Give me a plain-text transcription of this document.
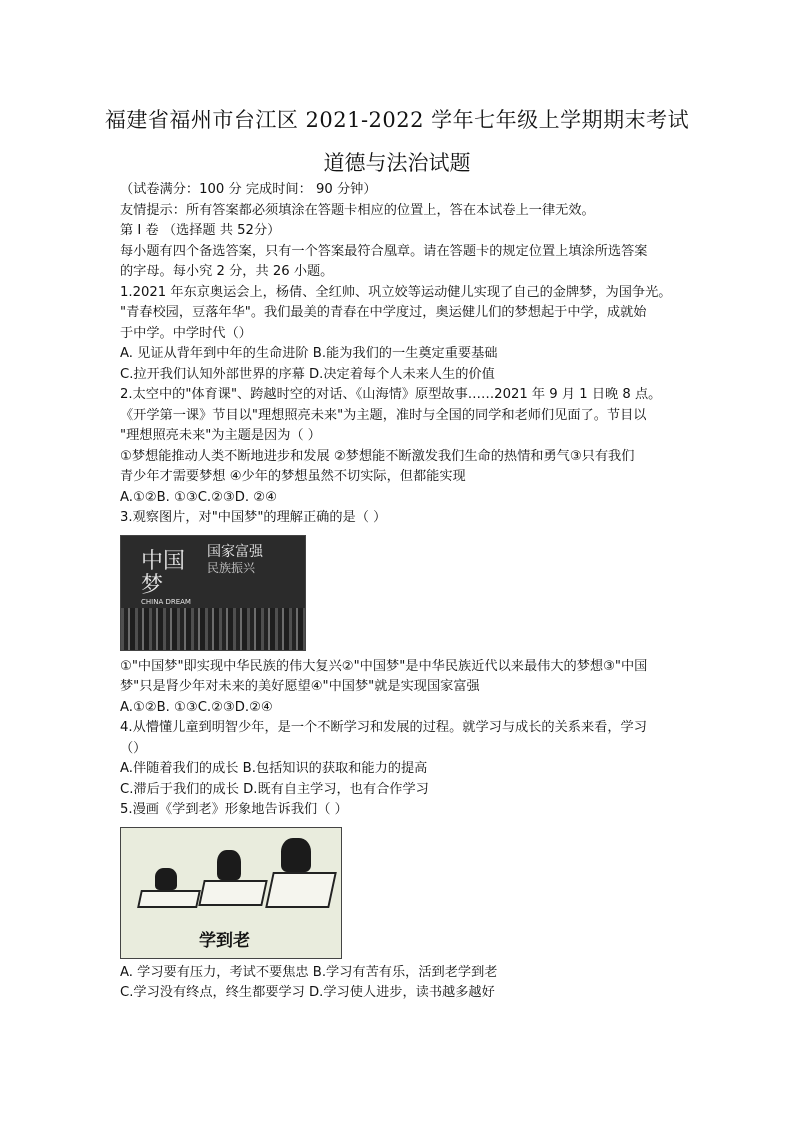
福建省福州市台江区 2021-2022 学年七年级上学期期末考试
道德与法治试题

（试卷满分：100 分 完成时间： 90 分钟）

友情提示：所有答案都必须填涂在答题卡相应的位置上，答在本试卷上一律无效。

第 Ⅰ 卷 （选择题 共 52分）

每小题有四个备选答案，只有一个答案最符合凰章。请在答题卡的规定位置上填涂所选答案

的字母。每小究 2 分，共 26 小题。

1.2021 年东京奥运会上，杨倩、全红帅、巩立姣等运动健儿实现了自己的金牌梦，为国争光。

"青春校园，豆落年华"。我们最美的青春在中学度过，奥运健儿们的梦想起于中学，成就始

于中学。中学时代（）

A. 见证从背年到中年的生命进阶 B.能为我们的一生奠定重要基础

C.拉开我们认知外部世界的序幕 D.决定着每个人未来人生的价值

2.太空中的"体育课"、跨越时空的对话、《山海情》原型故事……2021 年 9 月 1 日晚 8 点。

《开学第一课》节目以"理想照亮未来"为主题，准时与全国的同学和老师们见面了。节目以

"理想照亮未来"为主题是因为（ ）

①梦想能推动人类不断地进步和发展 ②梦想能不断激发我们生命的热情和勇气③只有我们

青少年才需要梦想 ④少年的梦想虽然不切实际，但都能实现

A.①②B. ①③C.②③D. ②④

3.观察图片，对"中国梦"的理解正确的是（ ）

中国
梦
CHINA DREAM
国家富强
民族振兴

①"中国梦"即实现中华民族的伟大复兴②"中国梦"是中华民族近代以来最伟大的梦想③"中国

梦"只是肾少年对未来的美好愿望④"中国梦"就是实现国家富强

A.①②B. ①③C.②③D.②④

4.从懵懂儿童到明智少年，是一个不断学习和发展的过程。就学习与成长的关系来看，学习

（）

A.伴随着我们的成长 B.包括知识的获取和能力的提高

C.滞后于我们的成长 D.既有自主学习，也有合作学习

5.漫画《学到老》形象地告诉我们（ ）

学到老

A. 学习要有压力，考试不要焦忠 B.学习有苦有乐，活到老学到老

C.学习没有终点，终生都要学习 D.学习使人进步，读书越多越好
